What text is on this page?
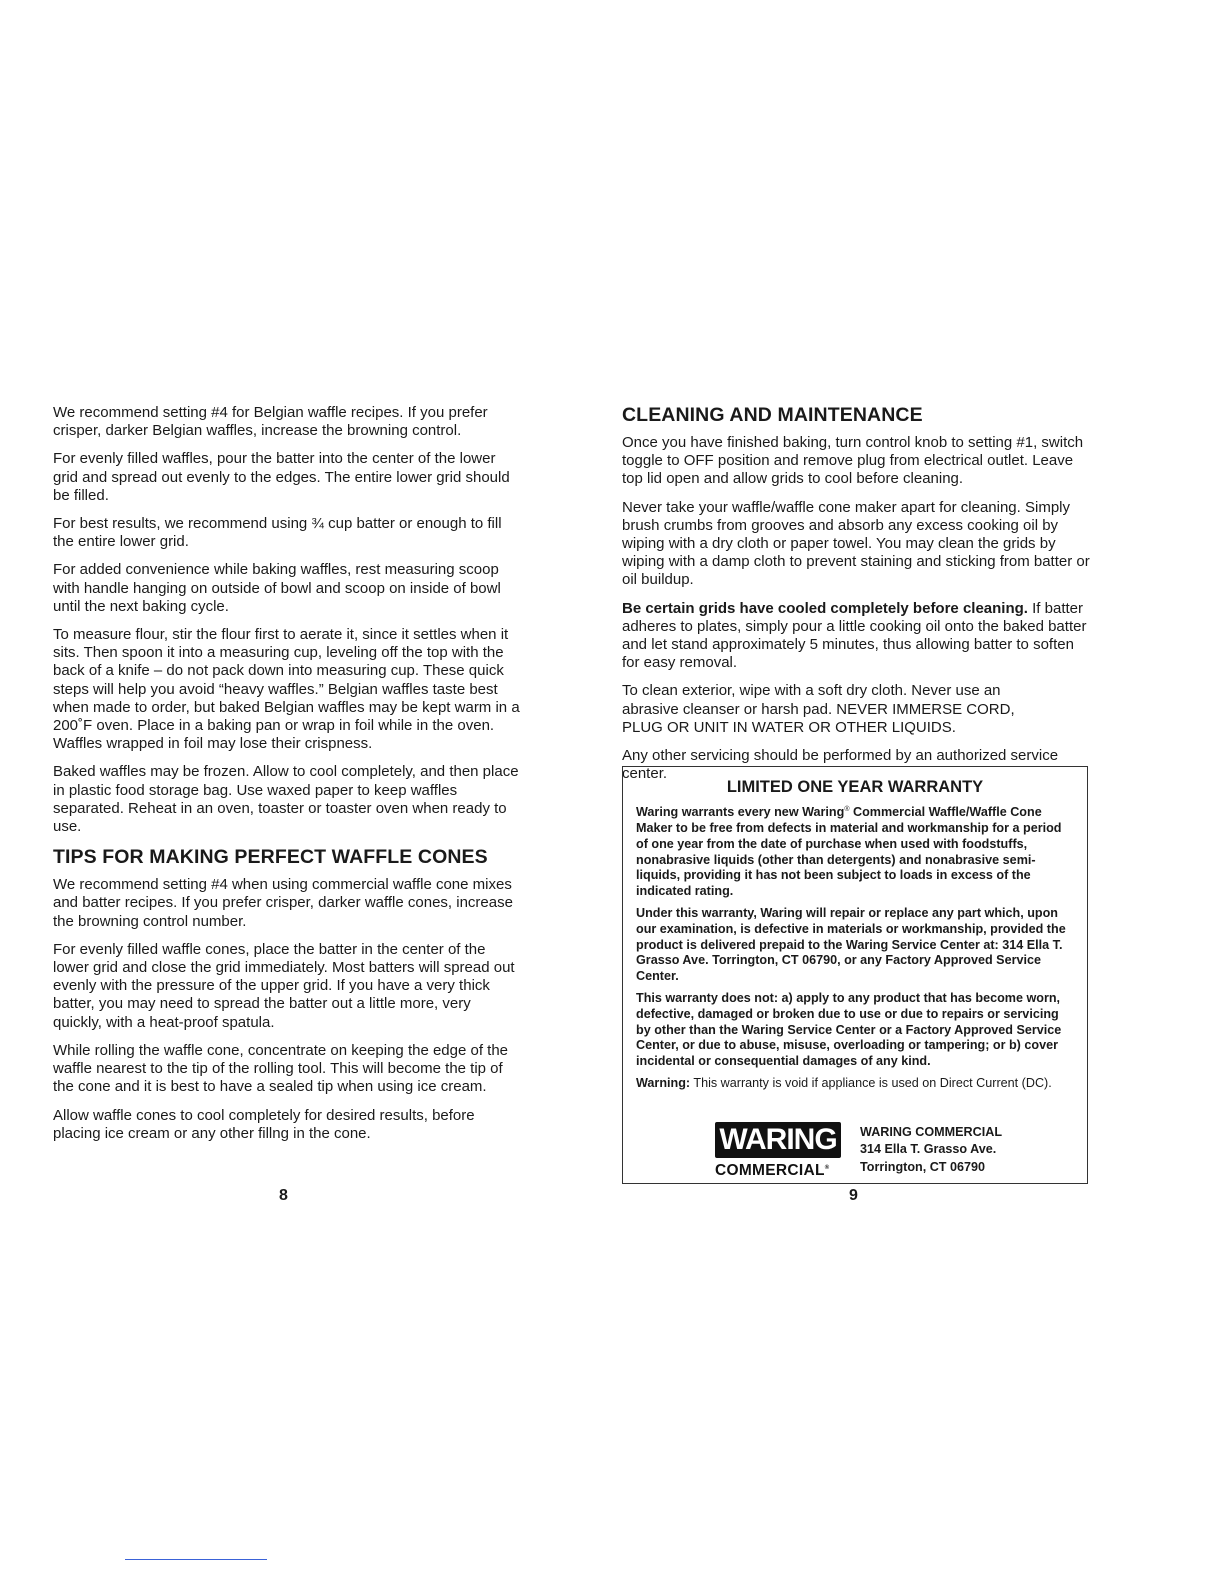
We recommend setting #4 for Belgian waffle recipes. If you prefer crisper, darker Belgian waffles, increase the browning control.

For evenly filled waffles, pour the batter into the center of the lower grid and spread out evenly to the edges. The entire lower grid should be filled.

For best results, we recommend using ¾ cup batter or enough to fill the entire lower grid.

For added convenience while baking waffles, rest measuring scoop with handle hanging on outside of bowl and scoop on inside of bowl until the next baking cycle.

To measure flour, stir the flour first to aerate it, since it settles when it sits. Then spoon it into a measuring cup, leveling off the top with the back of a knife – do not pack down into measuring cup. These quick steps will help you avoid “heavy waffles.” Belgian waffles taste best when made to order, but baked Belgian waffles may be kept warm in a 200˚F oven. Place in a baking pan or wrap in foil while in the oven. Waffles wrapped in foil may lose their crispness.

Baked waffles may be frozen. Allow to cool completely, and then place in plastic food storage bag. Use waxed paper to keep waffles separated. Reheat in an oven, toaster or toaster oven when ready to use.

TIPS FOR MAKING PERFECT WAFFLE CONES

We recommend setting #4 when using commercial waffle cone mixes and batter recipes. If you prefer crisper, darker waffle cones, increase the browning control number.

For evenly filled waffle cones, place the batter in the center of the lower grid and close the grid immediately. Most batters will spread out evenly with the pressure of the upper grid. If you have a very thick batter, you may need to spread the batter out a little more, very quickly, with a heat-proof spatula.

While rolling the waffle cone, concentrate on keeping the edge of the waffle nearest to the tip of the rolling tool. This will become the tip of the cone and it is best to have a sealed tip when using ice cream.

Allow waffle cones to cool completely for desired results, before placing ice cream or any other fillng in the cone.

CLEANING AND MAINTENANCE

Once you have finished baking, turn control knob to setting #1, switch toggle to OFF position and remove plug from electrical outlet. Leave top lid open and allow grids to cool before cleaning.

Never take your waffle/waffle cone maker apart for cleaning. Simply brush crumbs from grooves and absorb any excess cooking oil by wiping with a dry cloth or paper towel. You may clean the grids by wiping with a damp cloth to prevent staining and sticking from batter or oil buildup.

Be certain grids have cooled completely before cleaning. If batter adheres to plates, simply pour a little cooking oil onto the baked batter and let stand approximately 5 minutes, thus allowing batter to soften for easy removal.

To clean exterior, wipe with a soft dry cloth. Never use an
abrasive cleanser or harsh pad. NEVER IMMERSE CORD,
PLUG OR UNIT IN WATER OR OTHER LIQUIDS.

Any other servicing should be performed by an authorized service center.

LIMITED ONE YEAR WARRANTY

Waring warrants every new Waring® Commercial Waffle/Waffle Cone Maker to be free from defects in material and workmanship for a period of one year from the date of purchase when used with foodstuffs, nonabrasive liquids (other than detergents) and nonabrasive semi-liquids, providing it has not been subject to loads in excess of the indicated rating.

Under this warranty, Waring will repair or replace any part which, upon our examination, is defective in materials or workmanship, provided the product is delivered prepaid to the Waring Service Center at: 314 Ella T. Grasso Ave. Torrington, CT 06790, or any Factory Approved Service Center.

This warranty does not: a) apply to any product that has become worn, defective, damaged or broken due to use or due to repairs or servicing by other than the Waring Service Center or a Factory Approved Service Center, or due to abuse, misuse, overloading or tampering; or b) cover incidental or consequential damages of any kind.

Warning: This warranty is void if appliance is used on Direct Current (DC).

WARING
COMMERCIAL®
WARING COMMERCIAL
314 Ella T. Grasso Ave.
Torrington, CT 06790
8	9
